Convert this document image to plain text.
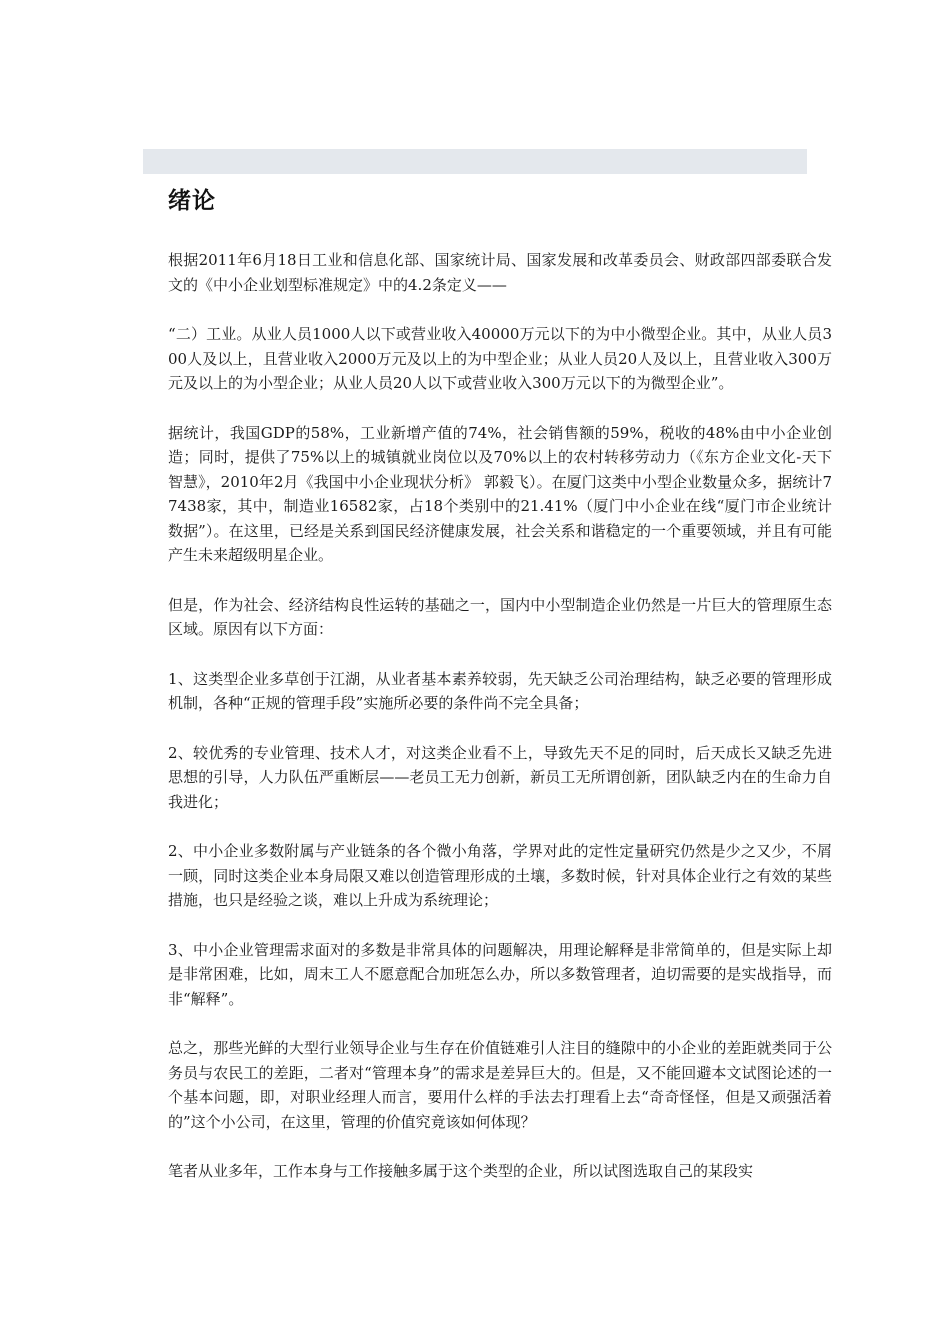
绪论

根据2011年6月18日工业和信息化部、国家统计局、国家发展和改革委员会、财政部四部委联合发文的《中小企业划型标准规定》中的4.2条定义——

“二）工业。从业人员1000人以下或营业收入40000万元以下的为中小微型企业。其中，从业人员300人及以上，且营业收入2000万元及以上的为中型企业；从业人员20人及以上，且营业收入300万元及以上的为小型企业；从业人员20人以下或营业收入300万元以下的为微型企业”。

据统计，我国GDP的58%，工业新增产值的74%，社会销售额的59%，税收的48%由中小企业创造；同时，提供了75%以上的城镇就业岗位以及70%以上的农村转移劳动力（《东方企业文化-天下智慧》，2010年2月《我国中小企业现状分析》 郭毅飞）。在厦门这类中小型企业数量众多，据统计77438家，其中，制造业16582家，占18个类别中的21.41%（厦门中小企业在线“厦门市企业统计数据”）。在这里，已经是关系到国民经济健康发展，社会关系和谐稳定的一个重要领域，并且有可能产生未来超级明星企业。

但是，作为社会、经济结构良性运转的基础之一，国内中小型制造企业仍然是一片巨大的管理原生态区域。原因有以下方面：

1、这类型企业多草创于江湖，从业者基本素养较弱，先天缺乏公司治理结构，缺乏必要的管理形成机制，各种“正规的管理手段”实施所必要的条件尚不完全具备；

2、较优秀的专业管理、技术人才，对这类企业看不上，导致先天不足的同时，后天成长又缺乏先进思想的引导，人力队伍严重断层——老员工无力创新，新员工无所谓创新，团队缺乏内在的生命力自我进化；

2、中小企业多数附属与产业链条的各个微小角落，学界对此的定性定量研究仍然是少之又少，不屑一顾，同时这类企业本身局限又难以创造管理形成的土壤，多数时候，针对具体企业行之有效的某些措施，也只是经验之谈，难以上升成为系统理论；

3、中小企业管理需求面对的多数是非常具体的问题解决，用理论解释是非常简单的，但是实际上却是非常困难，比如，周末工人不愿意配合加班怎么办，所以多数管理者，迫切需要的是实战指导，而非“解释”。

总之，那些光鲜的大型行业领导企业与生存在价值链难引人注目的缝隙中的小企业的差距就类同于公务员与农民工的差距，二者对“管理本身”的需求是差异巨大的。但是，又不能回避本文试图论述的一个基本问题，即，对职业经理人而言，要用什么样的手法去打理看上去“奇奇怪怪，但是又顽强活着的”这个小公司，在这里，管理的价值究竟该如何体现？

笔者从业多年，工作本身与工作接触多属于这个类型的企业，所以试图选取自己的某段实
